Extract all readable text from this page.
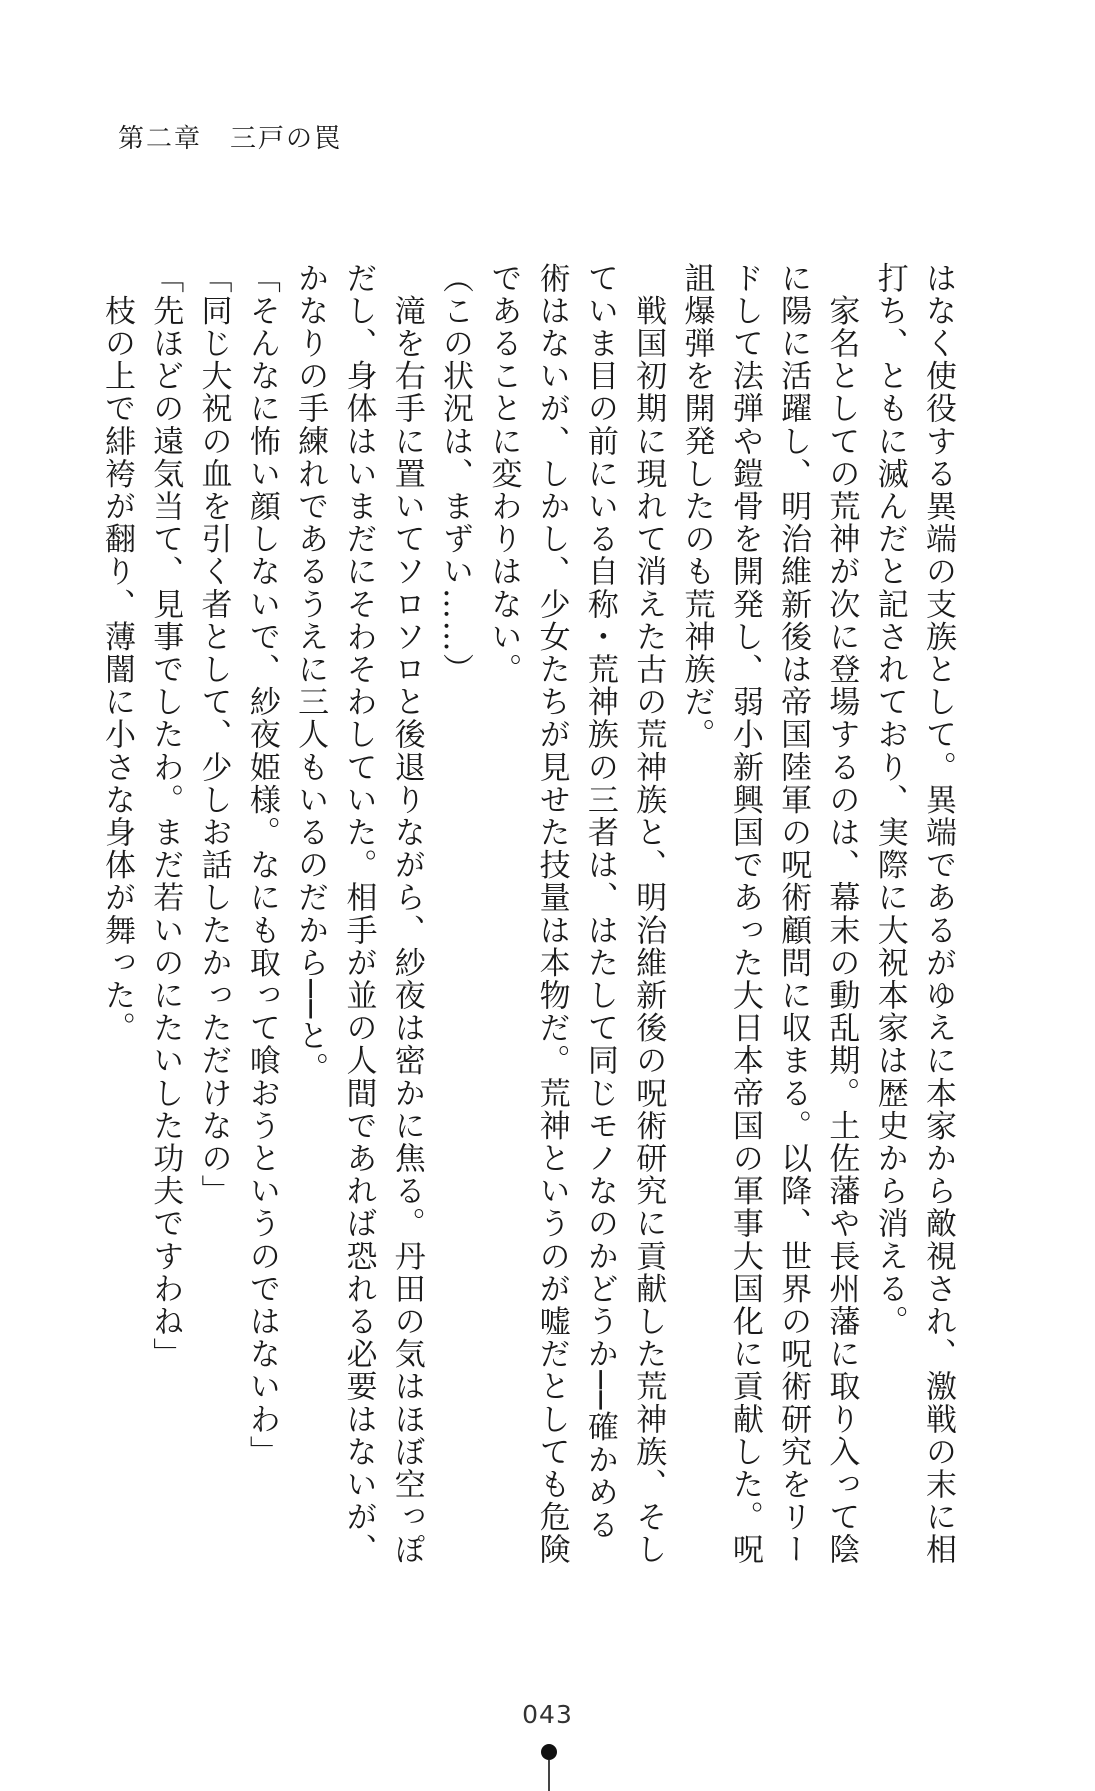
第二章　三戸の罠
はなく使役する異端の支族として。異端であるがゆえに本家から敵視され、激戦の末に相
打ち、ともに滅んだと記されており、実際に大祝本家は歴史から消える。
　家名としての荒神が次に登場するのは、幕末の動乱期。土佐藩や長州藩に取り入って陰
に陽に活躍し、明治維新後は帝国陸軍の呪術顧問に収まる。以降、世界の呪術研究をリー
ドして法弾や鎧骨を開発し、弱小新興国であった大日本帝国の軍事大国化に貢献した。呪
詛爆弾を開発したのも荒神族だ。
　戦国初期に現れて消えた古の荒神族と、明治維新後の呪術研究に貢献した荒神族、そし
ていま目の前にいる自称・荒神族の三者は、はたして同じモノなのかどうか──確かめる
術はないが、しかし、少女たちが見せた技量は本物だ。荒神というのが嘘だとしても危険
であることに変わりはない。
（この状況は、まずい……）
　滝を右手に置いてソロソロと後退りながら、紗夜は密かに焦る。丹田の気はほぼ空っぽ
だし、身体はいまだにそわそわしていた。相手が並の人間であれば恐れる必要はないが、
かなりの手練れであるうえに三人もいるのだから──と。
「そんなに怖い顔しないで、紗夜姫様。なにも取って喰おうというのではないわ」
「同じ大祝の血を引く者として、少しお話したかっただけなの」
「先ほどの遠気当て、見事でしたわ。まだ若いのにたいした功夫ですわね」
　枝の上で緋袴が翻り、薄闇に小さな身体が舞った。
043
